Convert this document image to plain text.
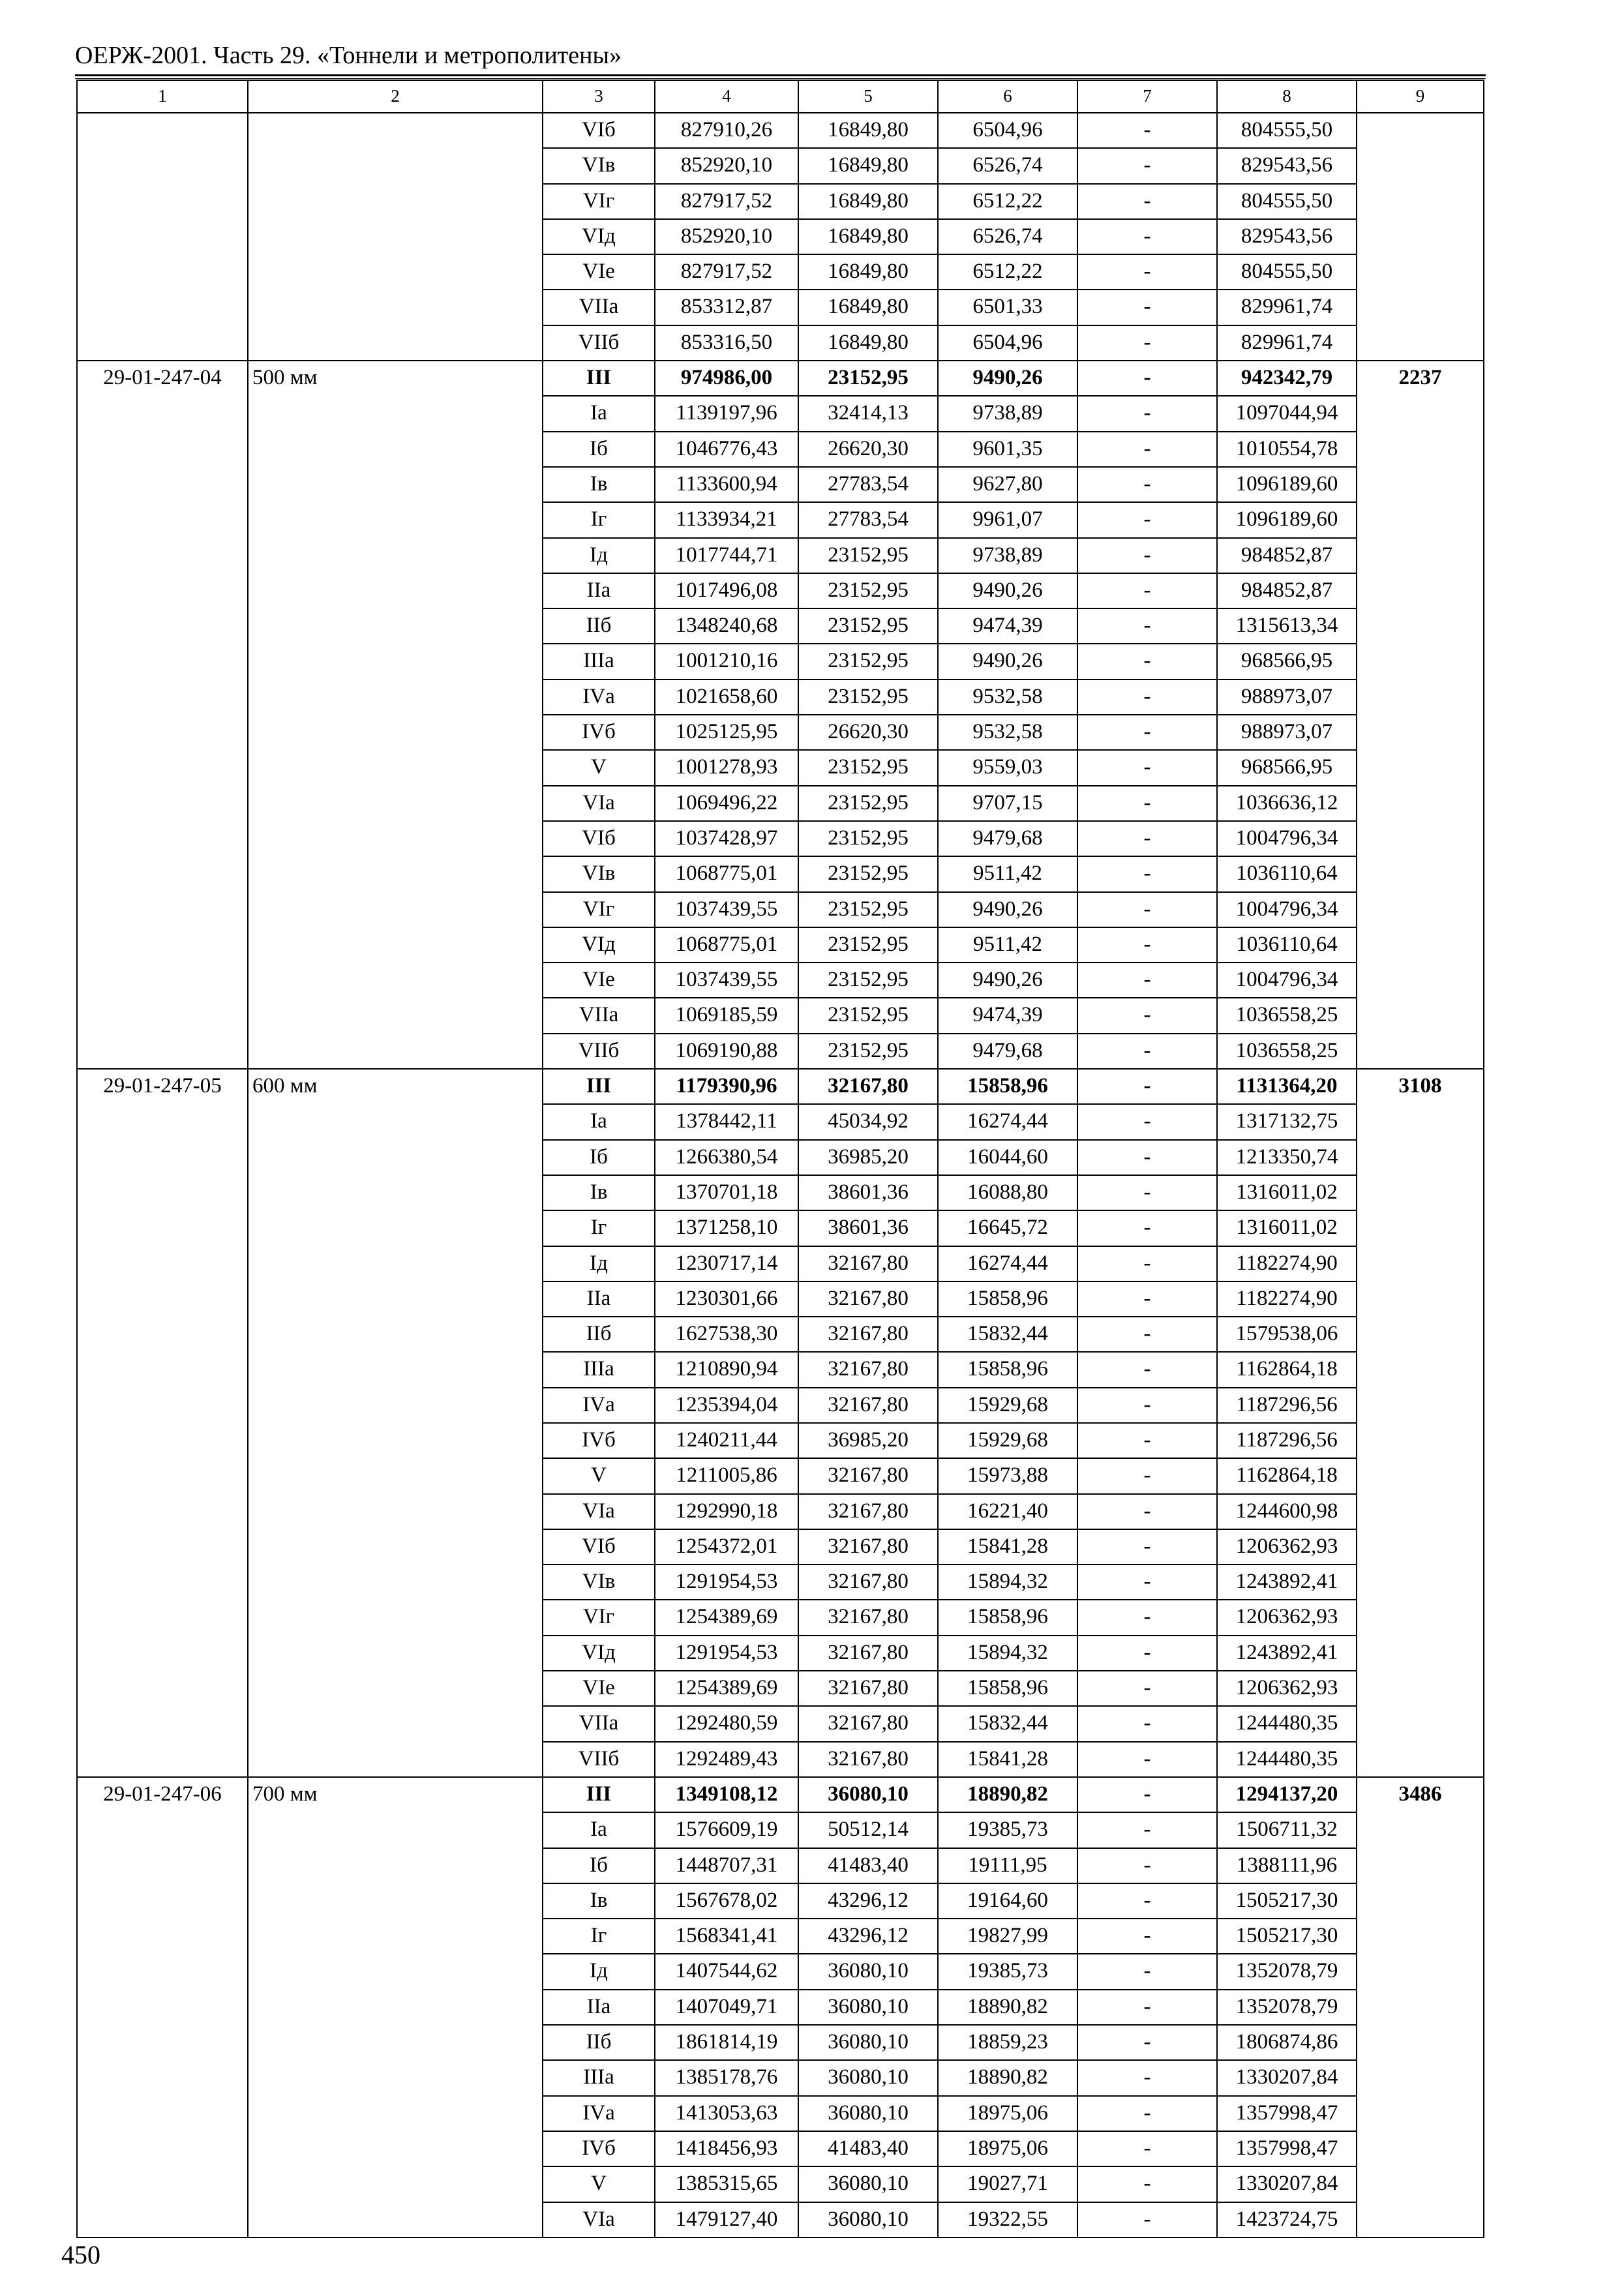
ОЕРЖ-2001. Часть 29. «Тоннели и метрополитены»
1	2	3	4	5	6	7	8	9
		VIб	827910,26	16849,80	6504,96	-	804555,50	
		VIв	852920,10	16849,80	6526,74	-	829543,56	
		VIг	827917,52	16849,80	6512,22	-	804555,50	
		VIд	852920,10	16849,80	6526,74	-	829543,56	
		VIе	827917,52	16849,80	6512,22	-	804555,50	
		VIIа	853312,87	16849,80	6501,33	-	829961,74	
		VIIб	853316,50	16849,80	6504,96	-	829961,74	
29-01-247-04	500 мм	III	974986,00	23152,95	9490,26	-	942342,79	2237
		Iа	1139197,96	32414,13	9738,89	-	1097044,94	
		Iб	1046776,43	26620,30	9601,35	-	1010554,78	
		Iв	1133600,94	27783,54	9627,80	-	1096189,60	
		Iг	1133934,21	27783,54	9961,07	-	1096189,60	
		Iд	1017744,71	23152,95	9738,89	-	984852,87	
		IIа	1017496,08	23152,95	9490,26	-	984852,87	
		IIб	1348240,68	23152,95	9474,39	-	1315613,34	
		IIIа	1001210,16	23152,95	9490,26	-	968566,95	
		IVа	1021658,60	23152,95	9532,58	-	988973,07	
		IVб	1025125,95	26620,30	9532,58	-	988973,07	
		V	1001278,93	23152,95	9559,03	-	968566,95	
		VIа	1069496,22	23152,95	9707,15	-	1036636,12	
		VIб	1037428,97	23152,95	9479,68	-	1004796,34	
		VIв	1068775,01	23152,95	9511,42	-	1036110,64	
		VIг	1037439,55	23152,95	9490,26	-	1004796,34	
		VIд	1068775,01	23152,95	9511,42	-	1036110,64	
		VIе	1037439,55	23152,95	9490,26	-	1004796,34	
		VIIа	1069185,59	23152,95	9474,39	-	1036558,25	
		VIIб	1069190,88	23152,95	9479,68	-	1036558,25	
29-01-247-05	600 мм	III	1179390,96	32167,80	15858,96	-	1131364,20	3108
		Iа	1378442,11	45034,92	16274,44	-	1317132,75	
		Iб	1266380,54	36985,20	16044,60	-	1213350,74	
		Iв	1370701,18	38601,36	16088,80	-	1316011,02	
		Iг	1371258,10	38601,36	16645,72	-	1316011,02	
		Iд	1230717,14	32167,80	16274,44	-	1182274,90	
		IIа	1230301,66	32167,80	15858,96	-	1182274,90	
		IIб	1627538,30	32167,80	15832,44	-	1579538,06	
		IIIа	1210890,94	32167,80	15858,96	-	1162864,18	
		IVа	1235394,04	32167,80	15929,68	-	1187296,56	
		IVб	1240211,44	36985,20	15929,68	-	1187296,56	
		V	1211005,86	32167,80	15973,88	-	1162864,18	
		VIа	1292990,18	32167,80	16221,40	-	1244600,98	
		VIб	1254372,01	32167,80	15841,28	-	1206362,93	
		VIв	1291954,53	32167,80	15894,32	-	1243892,41	
		VIг	1254389,69	32167,80	15858,96	-	1206362,93	
		VIд	1291954,53	32167,80	15894,32	-	1243892,41	
		VIе	1254389,69	32167,80	15858,96	-	1206362,93	
		VIIа	1292480,59	32167,80	15832,44	-	1244480,35	
		VIIб	1292489,43	32167,80	15841,28	-	1244480,35	
29-01-247-06	700 мм	III	1349108,12	36080,10	18890,82	-	1294137,20	3486
		Iа	1576609,19	50512,14	19385,73	-	1506711,32	
		Iб	1448707,31	41483,40	19111,95	-	1388111,96	
		Iв	1567678,02	43296,12	19164,60	-	1505217,30	
		Iг	1568341,41	43296,12	19827,99	-	1505217,30	
		Iд	1407544,62	36080,10	19385,73	-	1352078,79	
		IIа	1407049,71	36080,10	18890,82	-	1352078,79	
		IIб	1861814,19	36080,10	18859,23	-	1806874,86	
		IIIа	1385178,76	36080,10	18890,82	-	1330207,84	
		IVа	1413053,63	36080,10	18975,06	-	1357998,47	
		IVб	1418456,93	41483,40	18975,06	-	1357998,47	
		V	1385315,65	36080,10	19027,71	-	1330207,84	
		VIа	1479127,40	36080,10	19322,55	-	1423724,75	
450
